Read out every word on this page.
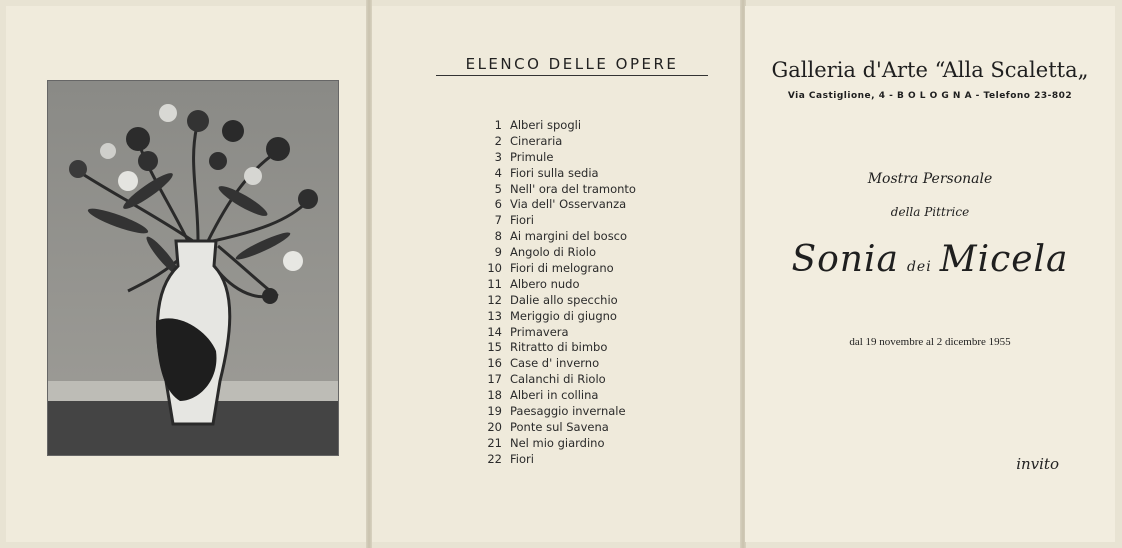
ELENCO DELLE OPERE
1 Alberi spogli
2 Cineraria
3 Primule
4 Fiori sulla sedia
5 Nell' ora del tramonto
6 Via dell' Osservanza
7 Fiori
8 Ai margini del bosco
9 Angolo di Riolo
10 Fiori di melograno
11 Albero nudo
12 Dalie allo specchio
13 Meriggio di giugno
14 Primavera
15 Ritratto di bimbo
16 Case d' inverno
17 Calanchi di Riolo
18 Alberi in collina
19 Paesaggio invernale
20 Ponte sul Savena
21 Nel mio giardino
22 Fiori
Galleria d'Arte “Alla Scaletta„
Via Castiglione, 4 - B O L O G N A - Telefono 23-802
Mostra Personale
della Pittrice
Sonia dei Micela
dal 19 novembre al 2 dicembre 1955
invito
